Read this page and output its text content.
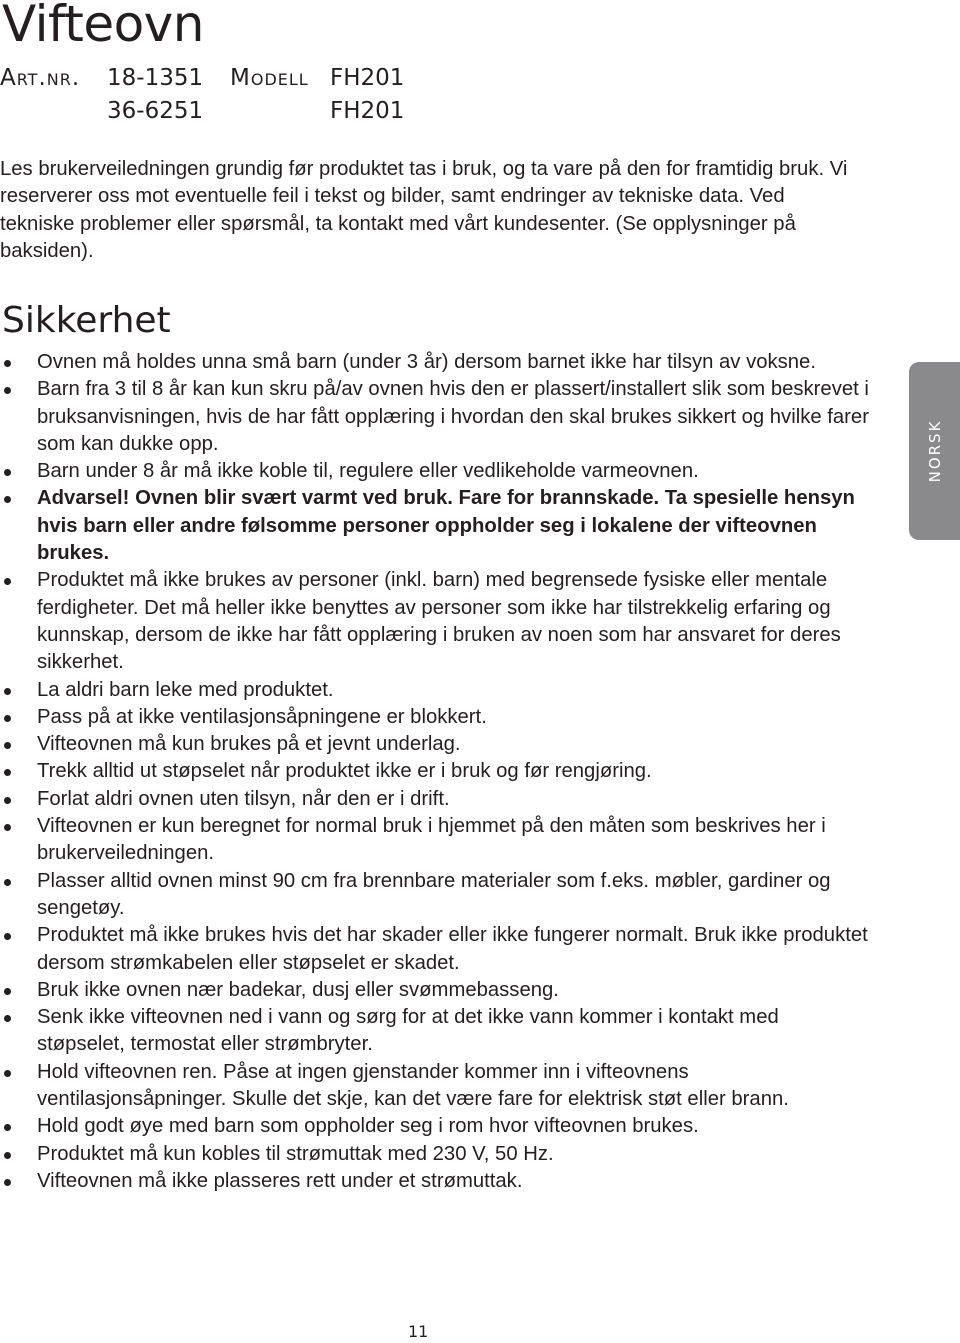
Vifteovn
Art.nr. 18-1351 Modell FH201
36-6251	FH201

Les brukerveiledningen grundig før produktet tas i bruk, og ta vare på den for framtidig bruk. Vi reserverer oss mot eventuelle feil i tekst og bilder, samt endringer av tekniske data. Ved tekniske problemer eller spørsmål, ta kontakt med vårt kundesenter. (Se opplysninger på baksiden).

Sikkerhet
Ovnen må holdes unna små barn (under 3 år) dersom barnet ikke har tilsyn av voksne.
Barn fra 3 til 8 år kan kun skru på/av ovnen hvis den er plassert/installert slik som beskrevet i bruksanvisningen, hvis de har fått opplæring i hvordan den skal brukes sikkert og hvilke farer som kan dukke opp.
Barn under 8 år må ikke koble til, regulere eller vedlikeholde varmeovnen.
Advarsel! Ovnen blir svært varmt ved bruk. Fare for brannskade. Ta spesielle hensyn hvis barn eller andre følsomme personer oppholder seg i lokalene der vifteovnen brukes.
Produktet må ikke brukes av personer (inkl. barn) med begrensede fysiske eller mentale ferdigheter. Det må heller ikke benyttes av personer som ikke har tilstrekkelig erfaring og kunnskap, dersom de ikke har fått opplæring i bruken av noen som har ansvaret for deres sikkerhet.
La aldri barn leke med produktet.
Pass på at ikke ventilasjonsåpningene er blokkert.
Vifteovnen må kun brukes på et jevnt underlag.
Trekk alltid ut støpselet når produktet ikke er i bruk og før rengjøring.
Forlat aldri ovnen uten tilsyn, når den er i drift.
Vifteovnen er kun beregnet for normal bruk i hjemmet på den måten som beskrives her i brukerveiledningen.
Plasser alltid ovnen minst 90 cm fra brennbare materialer som f.eks. møbler, gardiner og sengetøy.
Produktet må ikke brukes hvis det har skader eller ikke fungerer normalt. Bruk ikke produktet dersom strømkabelen eller støpselet er skadet.
Bruk ikke ovnen nær badekar, dusj eller svømmebasseng.
Senk ikke vifteovnen ned i vann og sørg for at det ikke vann kommer i kontakt med støpselet, termostat eller strømbryter.
Hold vifteovnen ren. Påse at ingen gjenstander kommer inn i vifteovnens ventilasjonsåpninger. Skulle det skje, kan det være fare for elektrisk støt eller brann.
Hold godt øye med barn som oppholder seg i rom hvor vifteovnen brukes.
Produktet må kun kobles til strømuttak med 230 V, 50 Hz.
Vifteovnen må ikke plasseres rett under et strømuttak.
NORSK
11
